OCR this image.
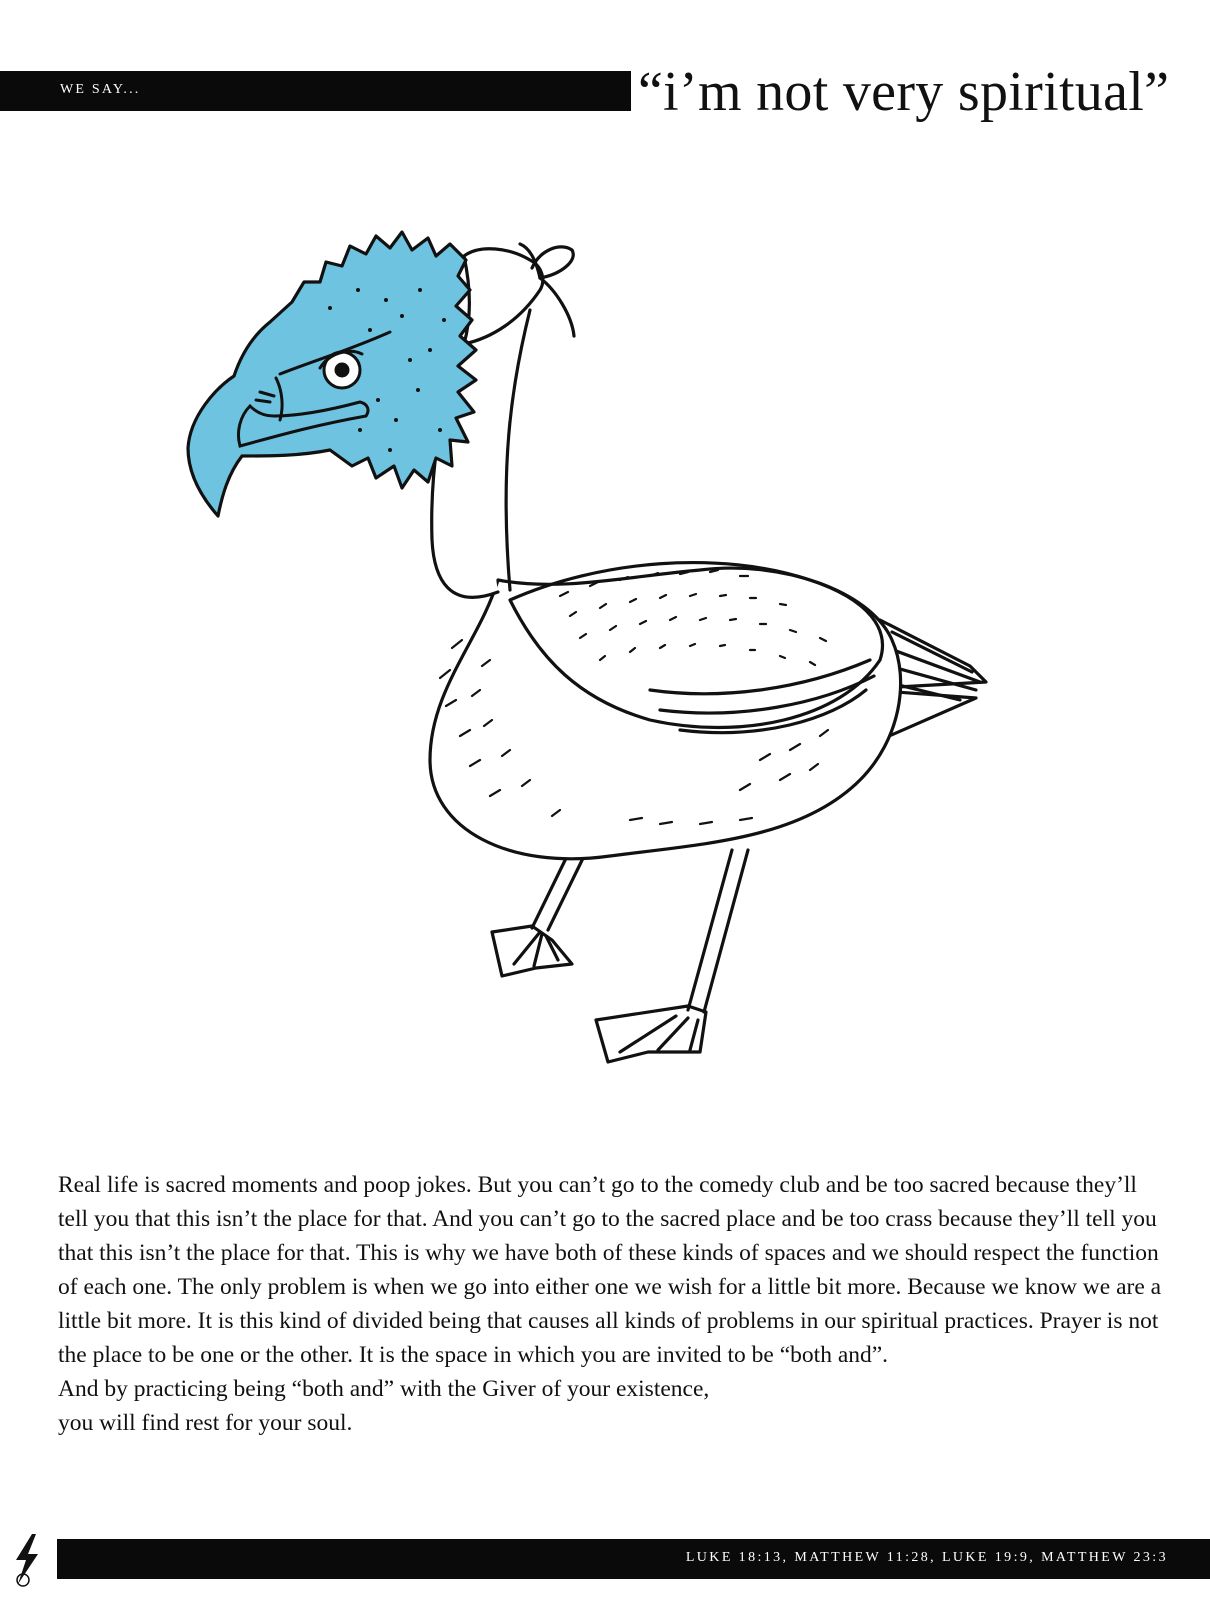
WE SAY...	“i’m not very spiritual”

Real life is sacred moments and poop jokes. But you can’t go to the comedy club and be too sacred because they’ll tell you that this isn’t the place for that. And you can’t go to the sacred place and be too crass because they’ll tell you that this isn’t the place for that. This is why we have both of these kinds of spaces and we should respect the function of each one. The only problem is when we go into either one we wish for a little bit more. Because we know we are a little bit more. It is this kind of divided being that causes all kinds of problems in our spiritual practices. Prayer is not the place to be one or the other. It is the space in which you are invited to be “both and”.

And by practicing being “both and” with the Giver of your existence,

you will find rest for your soul.

LUKE 18:13, MATTHEW 11:28, LUKE 19:9, MATTHEW 23:3
